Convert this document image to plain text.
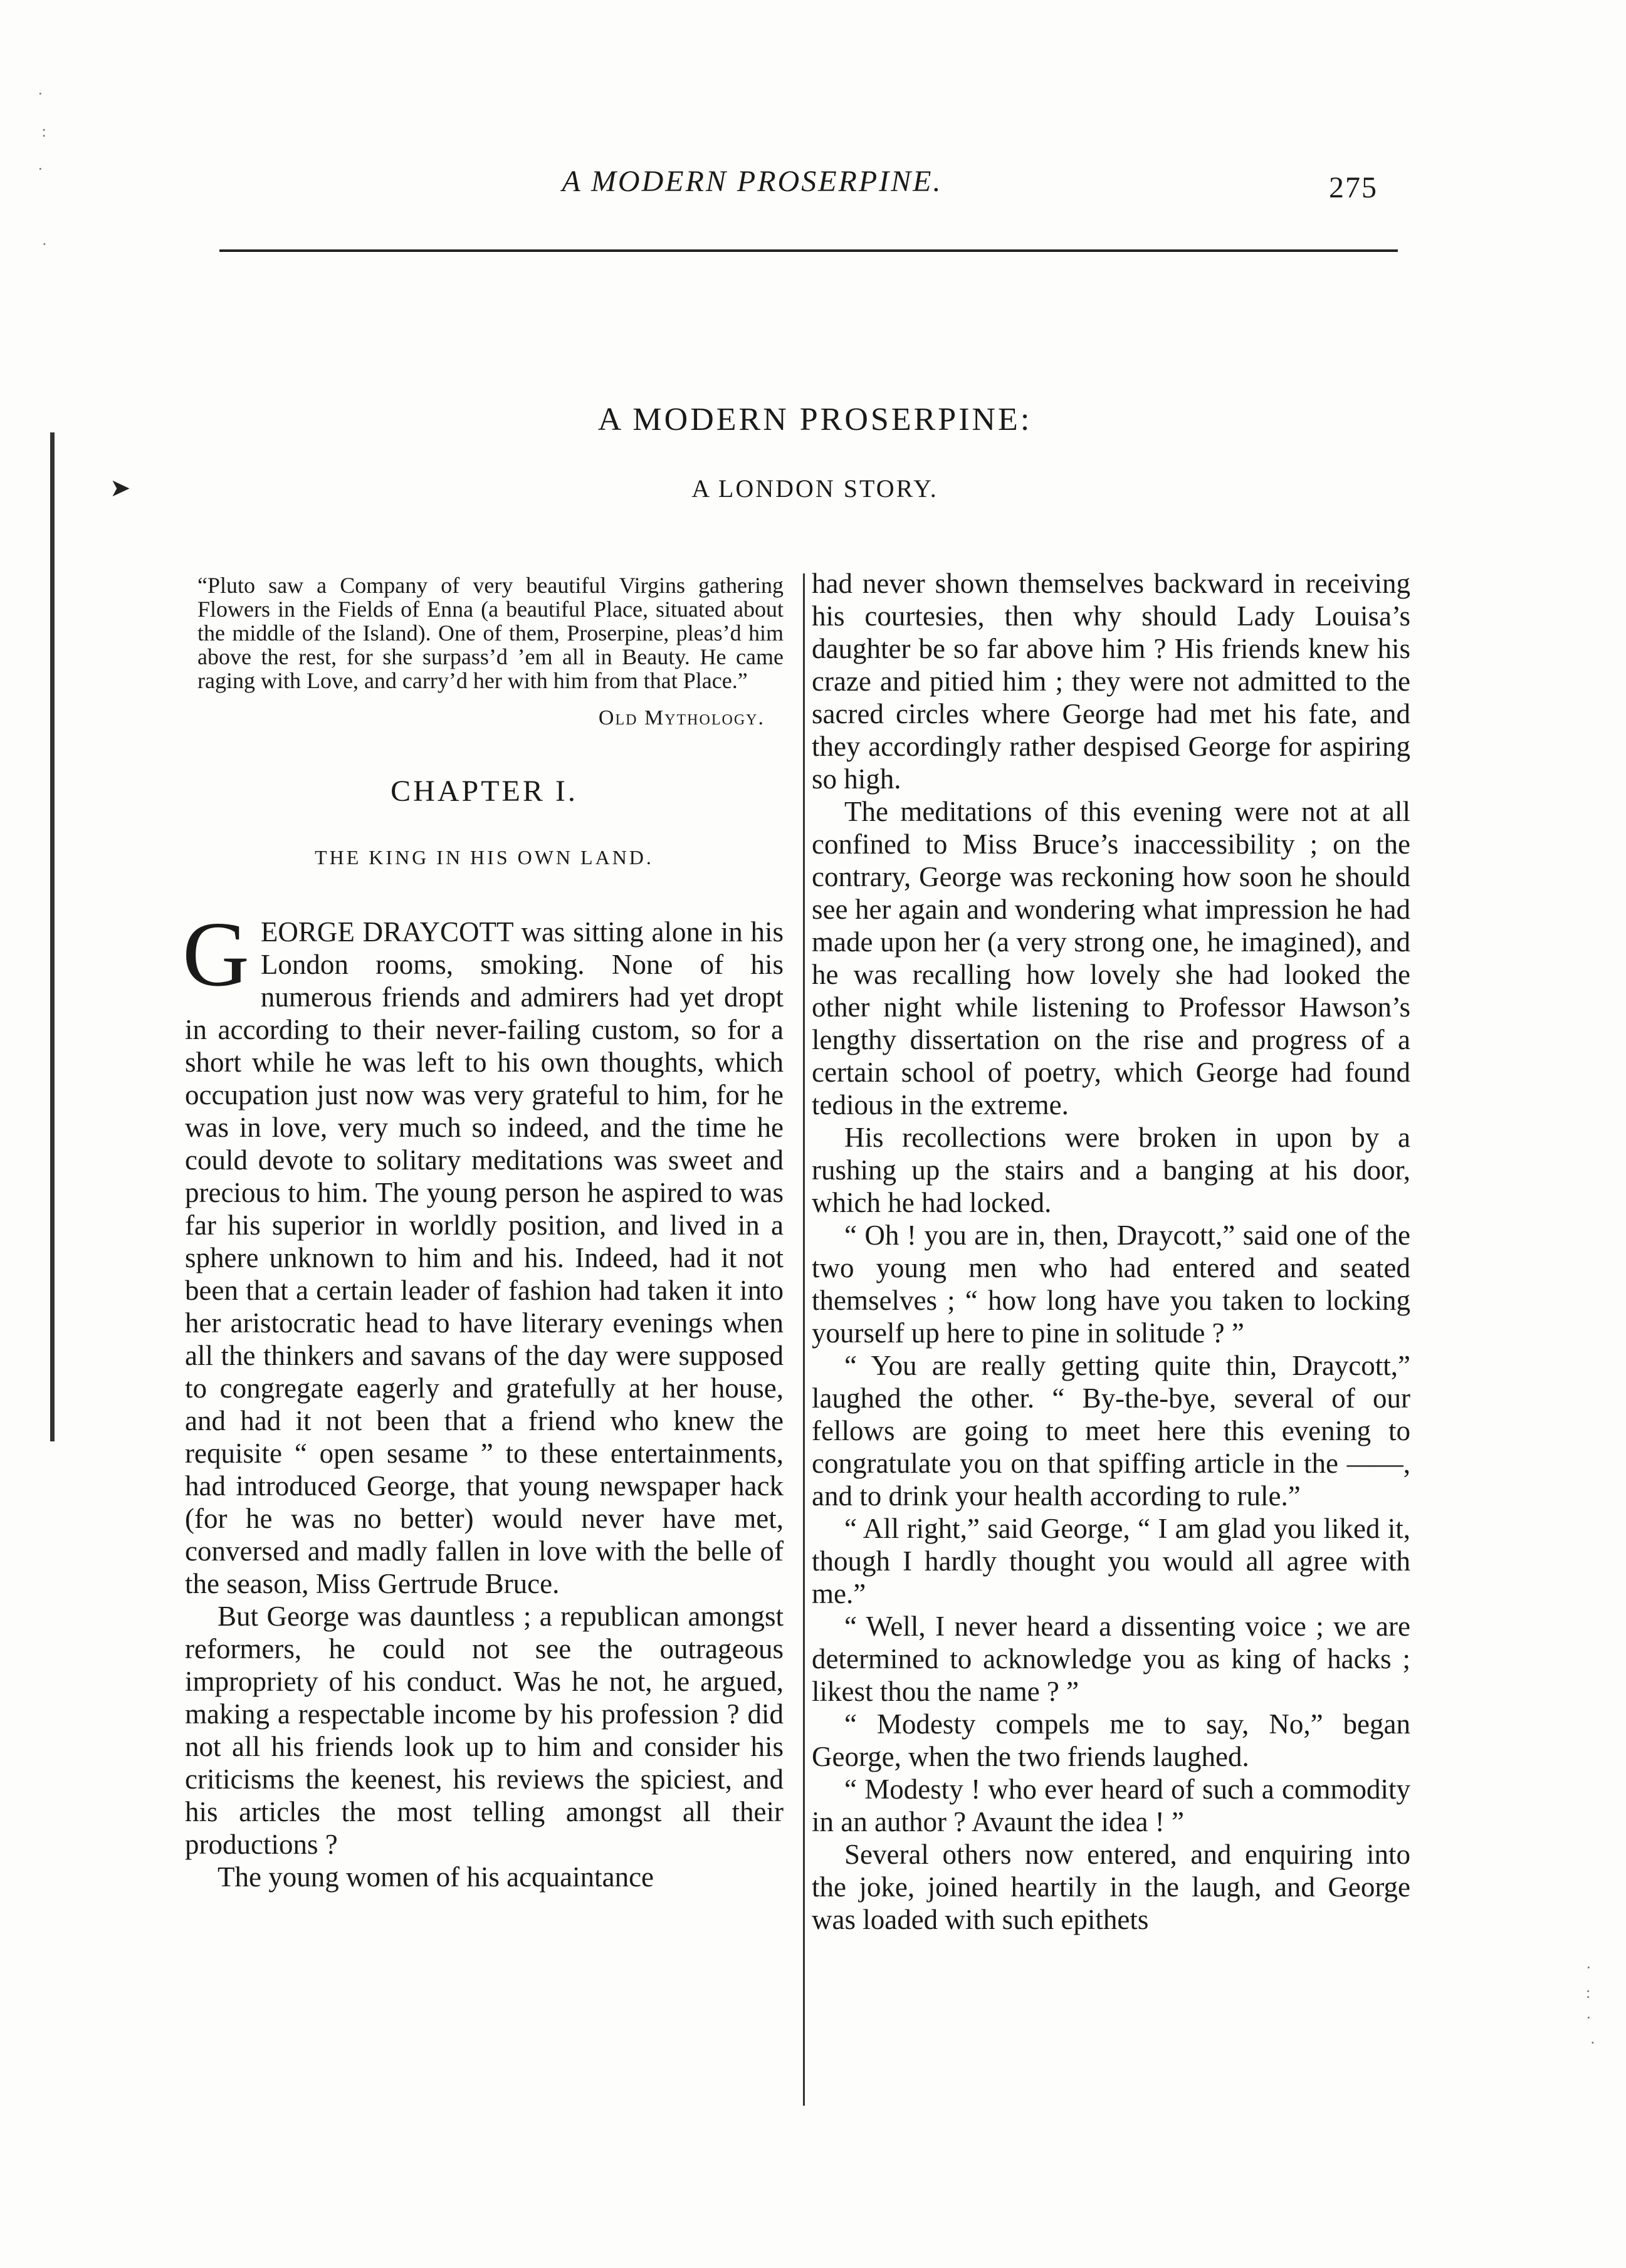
A MODERN PROSERPINE.	275
➤
A MODERN PROSERPINE:
A LONDON STORY.
“Pluto saw a Company of very beautiful Virgins gathering Flowers in the Fields of Enna (a beautiful Place, situated about the middle of the Island). One of them, Proserpine, pleas’d him above the rest, for she surpass’d ’em all in Beauty. He came raging with Love, and carry’d her with him from that Place.”
Old Mythology.
CHAPTER I.
THE KING IN HIS OWN LAND.

GEORGE DRAYCOTT was sitting alone in his London rooms, smoking. None of his numerous friends and admirers had yet dropt in according to their never-failing custom, so for a short while he was left to his own thoughts, which occupation just now was very grateful to him, for he was in love, very much so indeed, and the time he could devote to solitary meditations was sweet and precious to him. The young person he aspired to was far his superior in worldly position, and lived in a sphere unknown to him and his. Indeed, had it not been that a certain leader of fashion had taken it into her aristocratic head to have literary evenings when all the thinkers and savans of the day were supposed to congregate eagerly and gratefully at her house, and had it not been that a friend who knew the requisite “ open sesame ” to these entertainments, had introduced George, that young newspaper hack (for he was no better) would never have met, conversed and madly fallen in love with the belle of the season, Miss Gertrude Bruce.

But George was dauntless ; a republican amongst reformers, he could not see the outrageous impropriety of his conduct. Was he not, he argued, making a respectable income by his profession ? did not all his friends look up to him and consider his criticisms the keenest, his reviews the spiciest, and his articles the most telling amongst all their productions ?

The young women of his acquaintance

had never shown themselves backward in receiving his courtesies, then why should Lady Louisa’s daughter be so far above him ? His friends knew his craze and pitied him ; they were not admitted to the sacred circles where George had met his fate, and they accordingly rather despised George for aspiring so high.

The meditations of this evening were not at all confined to Miss Bruce’s inaccessibility ; on the contrary, George was reckoning how soon he should see her again and wondering what impression he had made upon her (a very strong one, he imagined), and he was recalling how lovely she had looked the other night while listening to Professor Hawson’s lengthy dissertation on the rise and progress of a certain school of poetry, which George had found tedious in the extreme.

His recollections were broken in upon by a rushing up the stairs and a banging at his door, which he had locked.

“ Oh ! you are in, then, Draycott,” said one of the two young men who had entered and seated themselves ; “ how long have you taken to locking yourself up here to pine in solitude ? ”

“ You are really getting quite thin, Draycott,” laughed the other. “ By-the-bye, several of our fellows are going to meet here this evening to congratulate you on that spiffing article in the ——, and to drink your health according to rule.”

“ All right,” said George, “ I am glad you liked it, though I hardly thought you would all agree with me.”

“ Well, I never heard a dissenting voice ; we are determined to acknowledge you as king of hacks ; likest thou the name ? ”

“ Modesty compels me to say, No,” began George, when the two friends laughed.

“ Modesty ! who ever heard of such a commodity in an author ? Avaunt the idea ! ”

Several others now entered, and enquiring into the joke, joined heartily in the laugh, and George was loaded with such epithets

·
:
·

·
·
:
·
·
